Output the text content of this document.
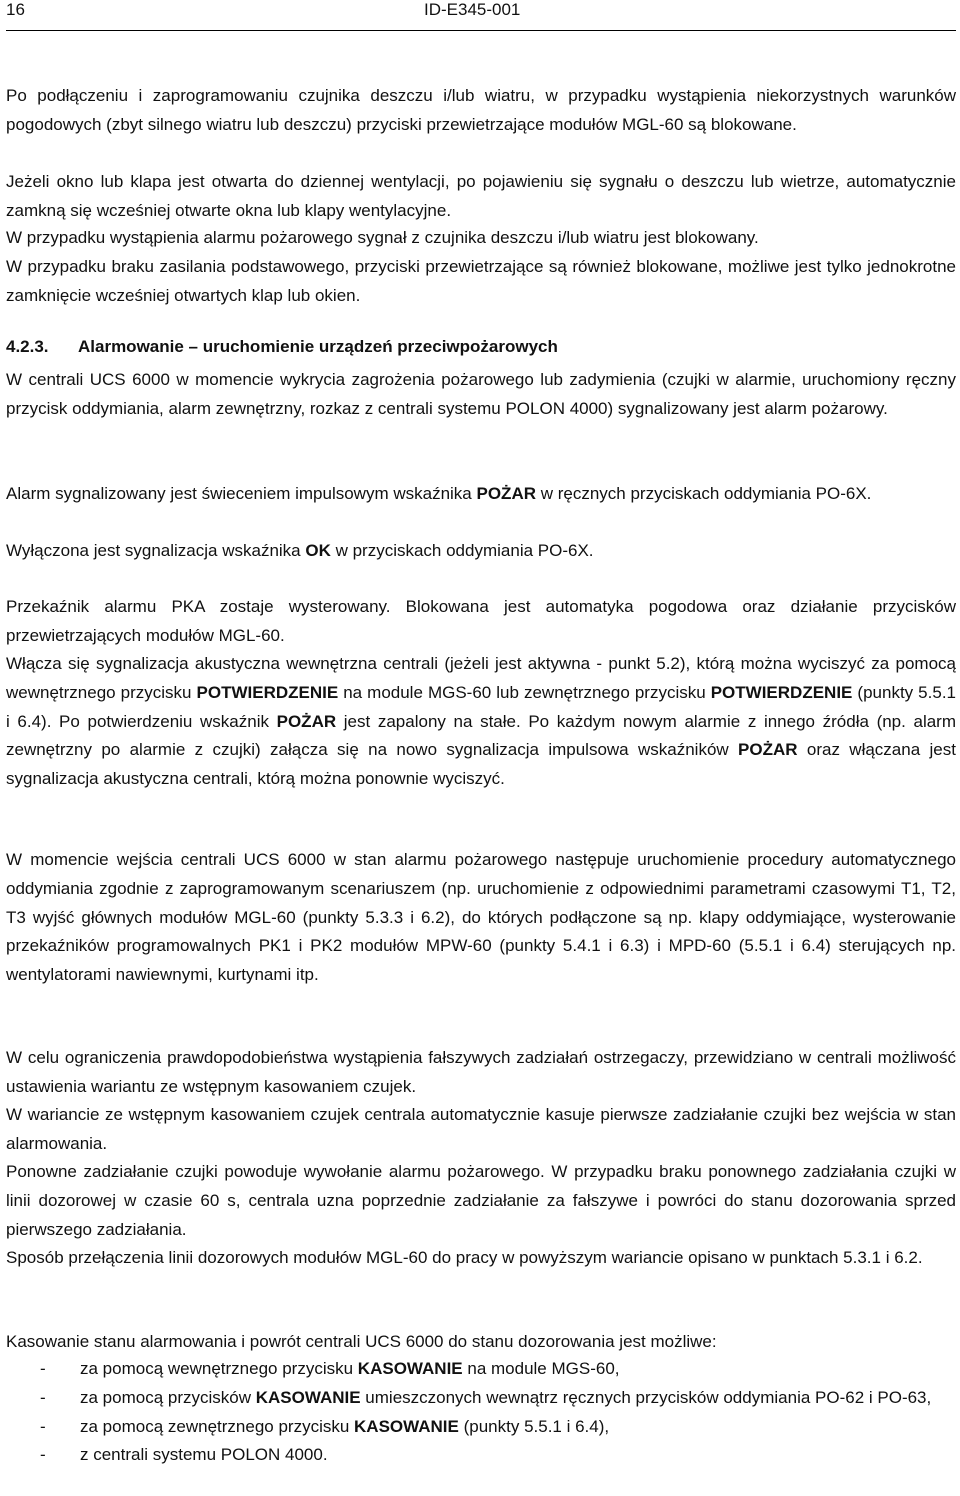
16	ID-E345-001

Po podłączeniu i zaprogramowaniu czujnika deszczu i/lub wiatru, w przypadku wystąpienia niekorzystnych warunków pogodowych (zbyt silnego wiatru lub deszczu) przyciski przewietrzające modułów MGL-60 są blokowane.

Jeżeli okno lub klapa jest otwarta do dziennej wentylacji, po pojawieniu się sygnału o deszczu lub wietrze, automatycznie zamkną się wcześniej otwarte okna lub klapy wentylacyjne.

W przypadku wystąpienia alarmu pożarowego sygnał z czujnika deszczu i/lub wiatru jest blokowany.

W przypadku braku zasilania podstawowego, przyciski przewietrzające są również blokowane, możliwe jest tylko jednokrotne zamknięcie wcześniej otwartych klap lub okien.

4.2.3. Alarmowanie – uruchomienie urządzeń przeciwpożarowych

W centrali UCS 6000 w momencie wykrycia zagrożenia pożarowego lub zadymienia (czujki w alarmie, uruchomiony ręczny przycisk oddymiania, alarm zewnętrzny, rozkaz z centrali systemu POLON 4000) sygnalizowany jest alarm pożarowy.

Alarm sygnalizowany jest świeceniem impulsowym wskaźnika POŻAR w ręcznych przyciskach oddymiania PO-6X.

Wyłączona jest sygnalizacja wskaźnika OK w przyciskach oddymiania PO-6X.

Przekaźnik alarmu PKA zostaje wysterowany. Blokowana jest automatyka pogodowa oraz działanie przycisków przewietrzających modułów MGL-60.

Włącza się sygnalizacja akustyczna wewnętrzna centrali (jeżeli jest aktywna - punkt 5.2), którą można wyciszyć za pomocą wewnętrznego przycisku POTWIERDZENIE na module MGS-60 lub zewnętrznego przycisku POTWIERDZENIE (punkty 5.5.1 i 6.4). Po potwierdzeniu wskaźnik POŻAR jest zapalony na stałe. Po każdym nowym alarmie z innego źródła (np. alarm zewnętrzny po alarmie z czujki) załącza się na nowo sygnalizacja impulsowa wskaźników POŻAR oraz włączana jest sygnalizacja akustyczna centrali, którą można ponownie wyciszyć.

W momencie wejścia centrali UCS 6000 w stan alarmu pożarowego następuje uruchomienie procedury automatycznego oddymiania zgodnie z zaprogramowanym scenariuszem (np. uruchomienie z odpowiednimi parametrami czasowymi T1, T2, T3 wyjść głównych modułów MGL-60 (punkty 5.3.3 i 6.2), do których podłączone są np. klapy oddymiające, wysterowanie przekaźników programowalnych PK1 i PK2 modułów MPW-60 (punkty 5.4.1 i 6.3) i MPD-60 (5.5.1 i 6.4) sterujących np. wentylatorami nawiewnymi, kurtynami itp.

W celu ograniczenia prawdopodobieństwa wystąpienia fałszywych zadziałań ostrzegaczy, przewidziano w centrali możliwość ustawienia wariantu ze wstępnym kasowaniem czujek.

W wariancie ze wstępnym kasowaniem czujek centrala automatycznie kasuje pierwsze zadziałanie czujki bez wejścia w stan alarmowania.

Ponowne zadziałanie czujki powoduje wywołanie alarmu pożarowego. W przypadku braku ponownego zadziałania czujki w linii dozorowej w czasie 60 s, centrala uzna poprzednie zadziałanie za fałszywe i powróci do stanu dozorowania sprzed pierwszego zadziałania.

Sposób przełączenia linii dozorowych modułów MGL-60 do pracy w powyższym wariancie opisano w punktach 5.3.1 i 6.2.

Kasowanie stanu alarmowania i powrót centrali UCS 6000 do stanu dozorowania jest możliwe:

- za pomocą wewnętrznego przycisku KASOWANIE na module MGS-60,
- za pomocą przycisków KASOWANIE umieszczonych wewnątrz ręcznych przycisków oddymiania PO-62 i PO-63,
- za pomocą zewnętrznego przycisku KASOWANIE (punkty 5.5.1 i 6.4),
- z centrali systemu POLON 4000.
